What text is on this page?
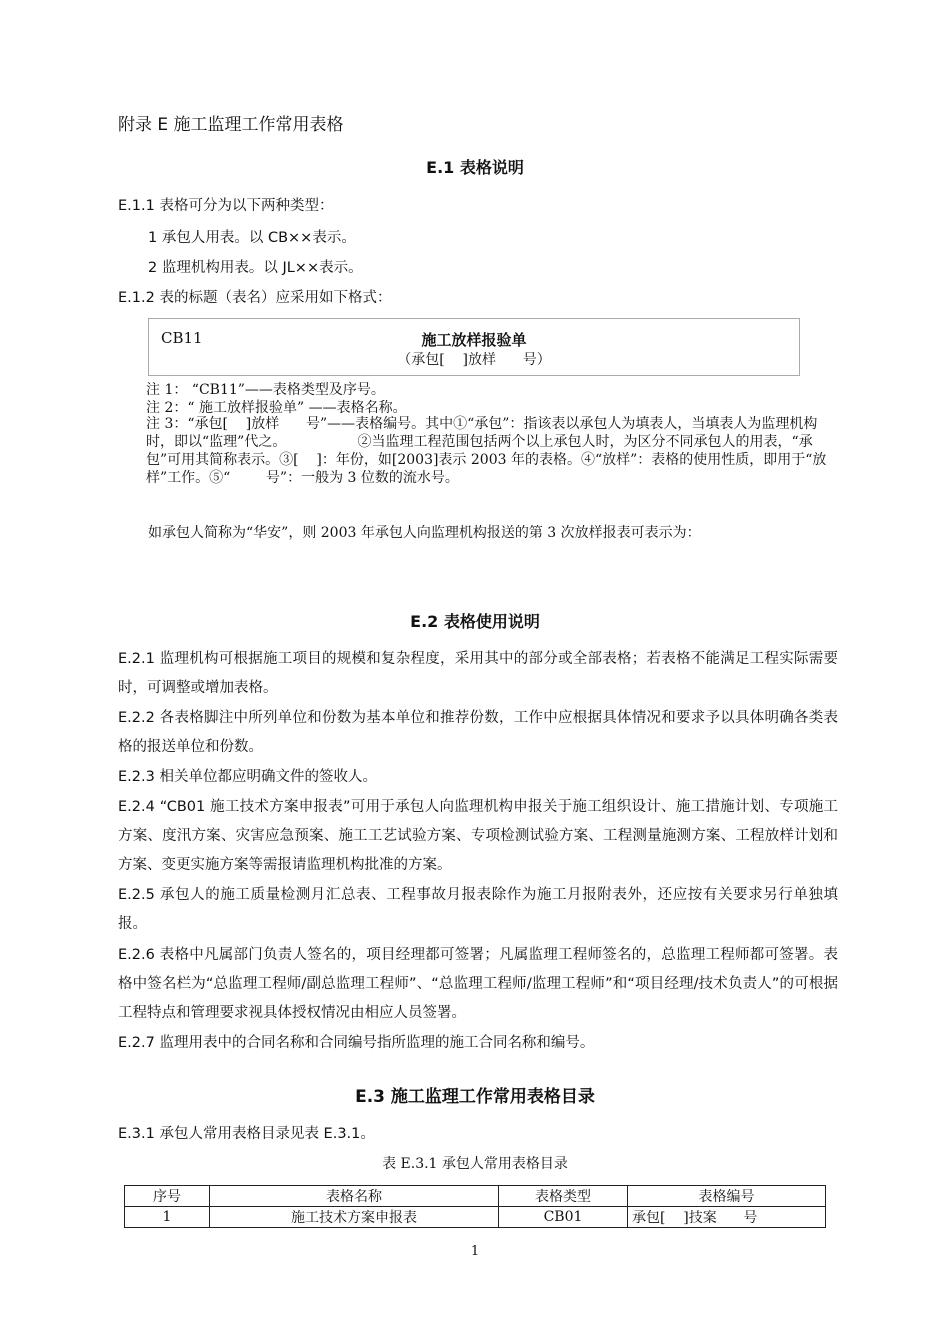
附录 E 施工监理工作常用表格
E.1 表格说明
E.1.1 表格可分为以下两种类型：
1 承包人用表。以 CB××表示。
2 监理机构用表。以 JL××表示。
E.1.2 表的标题（表名）应采用如下格式：
CB11	施工放样报验单
（承包[    ]放样      号）
注 1： “CB11”——表格类型及序号。
注 2：“ 施工放样报验单” ——表格名称。
注 3：“承包[    ]放样      号”——表格编号。其中①“承包”：指该表以承包人为填表人，当填表人为监理机构时，即以“监理”代之。                ②当监理工程范围包括两个以上承包人时，为区分不同承包人的用表，“承包”可用其简称表示。③[    ]：年份，如[2003]表示 2003 年的表格。④“放样”：表格的使用性质，即用于“放样”工作。⑤“        号”：一般为 3 位数的流水号。
如承包人简称为“华安”，则 2003 年承包人向监理机构报送的第 3 次放样报表可表示为：
E.2 表格使用说明
E.2.1 监理机构可根据施工项目的规模和复杂程度，采用其中的部分或全部表格；若表格不能满足工程实际需要时，可调整或增加表格。
E.2.2 各表格脚注中所列单位和份数为基本单位和推荐份数，工作中应根据具体情况和要求予以具体明确各类表格的报送单位和份数。
E.2.3 相关单位都应明确文件的签收人。
E.2.4 “CB01 施工技术方案申报表”可用于承包人向监理机构申报关于施工组织设计、施工措施计划、专项施工方案、度汛方案、灾害应急预案、施工工艺试验方案、专项检测试验方案、工程测量施测方案、工程放样计划和方案、变更实施方案等需报请监理机构批准的方案。
E.2.5 承包人的施工质量检测月汇总表、工程事故月报表除作为施工月报附表外，还应按有关要求另行单独填报。
E.2.6 表格中凡属部门负责人签名的，项目经理都可签署；凡属监理工程师签名的，总监理工程师都可签署。表格中签名栏为“总监理工程师/副总监理工程师”、“总监理工程师/监理工程师”和“项目经理/技术负责人”的可根据工程特点和管理要求视具体授权情况由相应人员签署。
E.2.7 监理用表中的合同名称和合同编号指所监理的施工合同名称和编号。
E.3 施工监理工作常用表格目录
E.3.1 承包人常用表格目录见表 E.3.1。
表 E.3.1 承包人常用表格目录
序号	表格名称	表格类型	表格编号
1	施工技术方案申报表	CB01	承包[    ]技案      号
1
